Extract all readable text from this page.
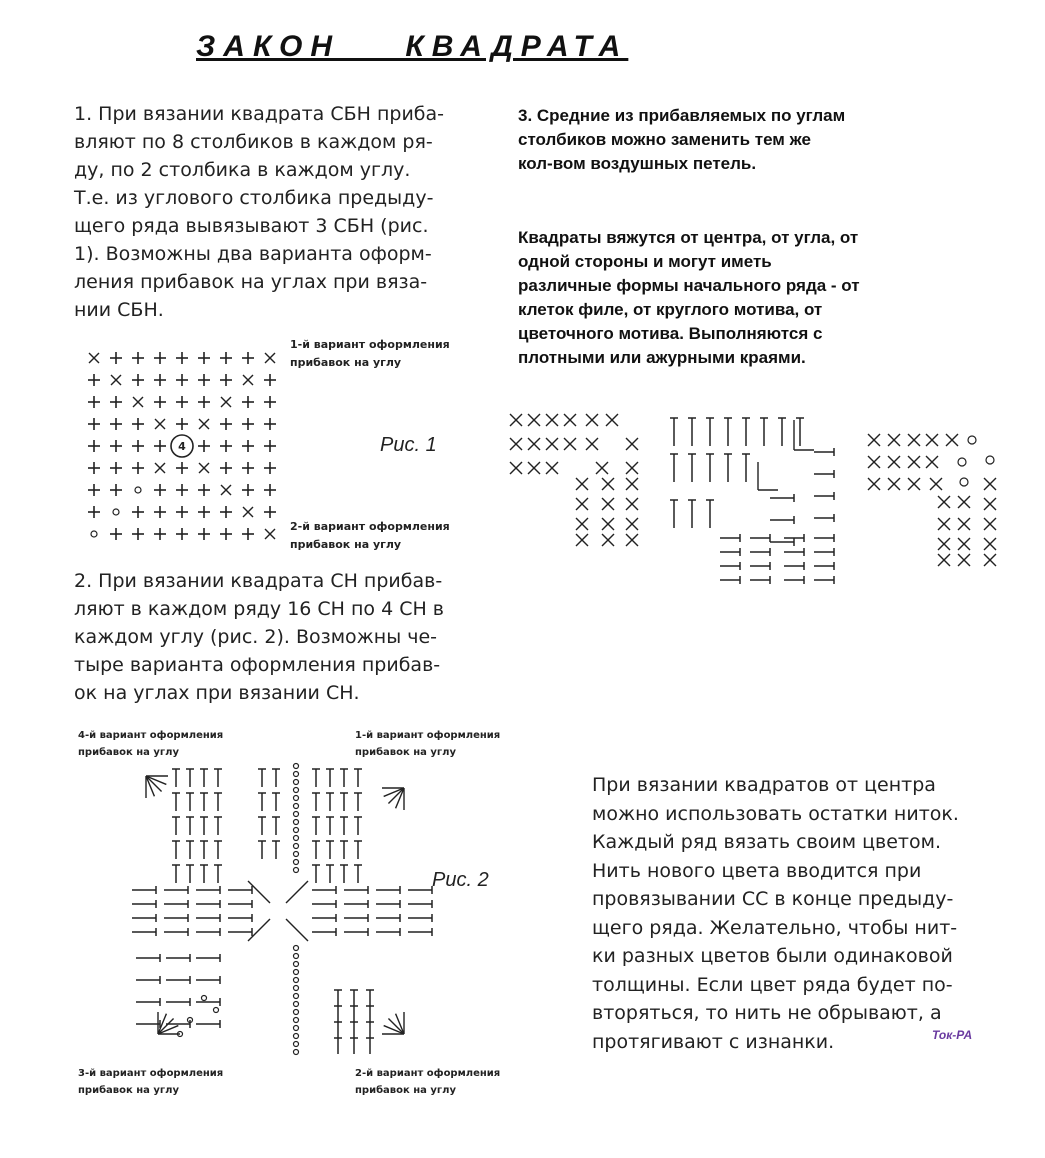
ЗАКОН    КВАДРАТА
1. При вязании квадрата СБН приба-
вляют по 8 столбиков в каждом ря-
ду, по 2 столбика в каждом углу.
Т.е. из углового столбика предыду-
щего ряда вывязывают 3 СБН (рис.
1). Возможны два варианта оформ-
ления прибавок на углах при вяза-
нии СБН.
1-й вариант оформления
прибавок на углу
2-й вариант оформления
прибавок на углу
Рис. 1
4
2. При вязании квадрата СН прибав-
ляют в каждом ряду 16 СН по 4 СН в
каждом углу (рис. 2). Возможны че-
тыре варианта оформления прибав-
ок на углах при вязании СН.
4-й вариант оформления
прибавок на углу
1-й вариант оформления
прибавок на углу
3-й вариант оформления
прибавок на углу
2-й вариант оформления
прибавок на углу
Рис. 2
3. Средние из прибавляемых по углам
столбиков можно заменить тем же
кол-вом воздушных петель.
Квадраты вяжутся от центра, от угла, от
одной стороны и могут иметь
различные формы начального ряда - от
клеток филе, от круглого мотива, от
цветочного мотива. Выполняются с
плотными или ажурными краями.
При вязании квадратов от центра
можно использовать остатки ниток.
Каждый ряд вязать своим цветом.
Нить нового цвета вводится при
провязывании СС в конце предыду-
щего ряда. Желательно, чтобы нит-
ки разных цветов были одинаковой
толщины. Если цвет ряда будет по-
вторяться, то нить не обрывают, а
протягивают с изнанки.	Ток-РА
